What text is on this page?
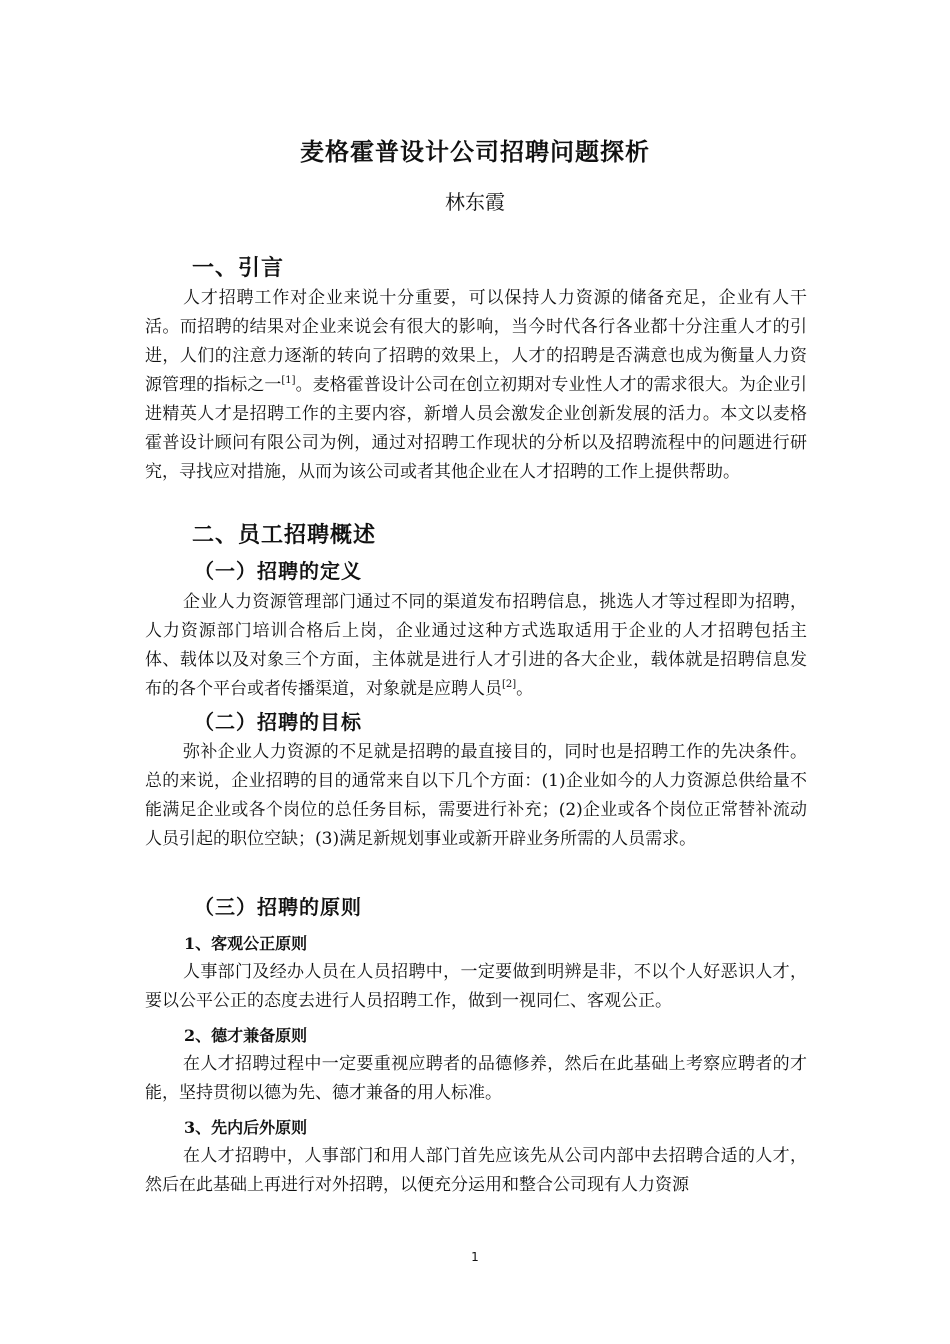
麦格霍普设计公司招聘问题探析
林东霞
一、引言
人才招聘工作对企业来说十分重要，可以保持人力资源的储备充足，企业有人干活。而招聘的结果对企业来说会有很大的影响，当今时代各行各业都十分注重人才的引进，人们的注意力逐渐的转向了招聘的效果上，人才的招聘是否满意也成为衡量人力资源管理的指标之一[1]。麦格霍普设计公司在创立初期对专业性人才的需求很大。为企业引进精英人才是招聘工作的主要内容，新增人员会激发企业创新发展的活力。本文以麦格霍普设计顾问有限公司为例，通过对招聘工作现状的分析以及招聘流程中的问题进行研究，寻找应对措施，从而为该公司或者其他企业在人才招聘的工作上提供帮助。
二、员工招聘概述
（一）招聘的定义
企业人力资源管理部门通过不同的渠道发布招聘信息，挑选人才等过程即为招聘，人力资源部门培训合格后上岗，企业通过这种方式选取适用于企业的人才招聘包括主体、载体以及对象三个方面，主体就是进行人才引进的各大企业，载体就是招聘信息发布的各个平台或者传播渠道，对象就是应聘人员[2]。
（二）招聘的目标
弥补企业人力资源的不足就是招聘的最直接目的，同时也是招聘工作的先决条件。总的来说，企业招聘的目的通常来自以下几个方面：(1)企业如今的人力资源总供给量不能满足企业或各个岗位的总任务目标，需要进行补充；(2)企业或各个岗位正常替补流动人员引起的职位空缺；(3)满足新规划事业或新开辟业务所需的人员需求。
（三）招聘的原则
1、客观公正原则
人事部门及经办人员在人员招聘中，一定要做到明辨是非，不以个人好恶识人才，要以公平公正的态度去进行人员招聘工作，做到一视同仁、客观公正。
2、德才兼备原则
在人才招聘过程中一定要重视应聘者的品德修养，然后在此基础上考察应聘者的才能，坚持贯彻以德为先、德才兼备的用人标准。
3、先内后外原则
在人才招聘中，人事部门和用人部门首先应该先从公司内部中去招聘合适的人才，然后在此基础上再进行对外招聘，以便充分运用和整合公司现有人力资源
1
